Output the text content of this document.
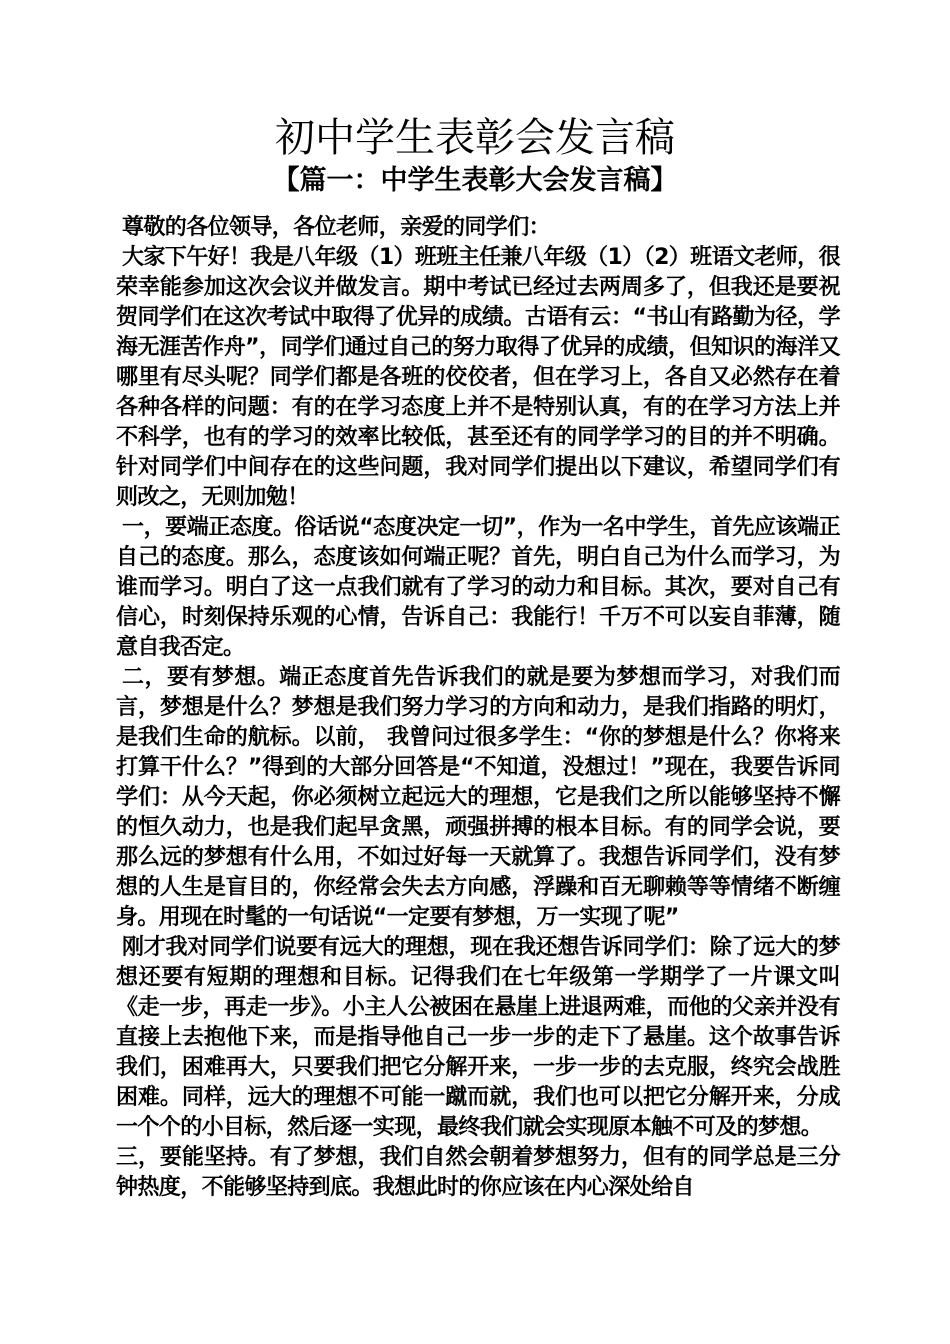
初中学生表彰会发言稿
【篇一：中学生表彰大会发言稿】

尊敬的各位领导，各位老师，亲爱的同学们：

大家下午好！我是八年级（1）班班主任兼八年级（1）（2）班语文老师，很荣幸能参加这次会议并做发言。期中考试已经过去两周多了，但我还是要祝贺同学们在这次考试中取得了优异的成绩。古语有云：“书山有路勤为径，学海无涯苦作舟”，同学们通过自己的努力取得了优异的成绩，但知识的海洋又哪里有尽头呢？同学们都是各班的佼佼者，但在学习上，各自又必然存在着各种各样的问题：有的在学习态度上并不是特别认真，有的在学习方法上并不科学，也有的学习的效率比较低，甚至还有的同学学习的目的并不明确。针对同学们中间存在的这些问题，我对同学们提出以下建议，希望同学们有则改之，无则加勉！

一，要端正态度。俗话说“态度决定一切”，作为一名中学生，首先应该端正自己的态度。那么，态度该如何端正呢？首先，明白自己为什么而学习，为谁而学习。明白了这一点我们就有了学习的动力和目标。其次，要对自己有信心，时刻保持乐观的心情，告诉自己：我能行！千万不可以妄自菲薄，随意自我否定。

二，要有梦想。端正态度首先告诉我们的就是要为梦想而学习，对我们而言，梦想是什么？梦想是我们努力学习的方向和动力，是我们指路的明灯，是我们生命的航标。以前， 我曾问过很多学生：“你的梦想是什么？你将来打算干什么？”得到的大部分回答是“不知道，没想过！”现在，我要告诉同学们：从今天起，你必须树立起远大的理想，它是我们之所以能够坚持不懈的恒久动力，也是我们起早贪黑，顽强拼搏的根本目标。有的同学会说，要那么远的梦想有什么用，不如过好每一天就算了。我想告诉同学们，没有梦想的人生是盲目的，你经常会失去方向感，浮躁和百无聊赖等等情绪不断缠身。用现在时髦的一句话说“一定要有梦想，万一实现了呢”

刚才我对同学们说要有远大的理想，现在我还想告诉同学们：除了远大的梦想还要有短期的理想和目标。记得我们在七年级第一学期学了一片课文叫《走一步，再走一步》。小主人公被困在悬崖上进退两难，而他的父亲并没有直接上去抱他下来，而是指导他自己一步一步的走下了悬崖。这个故事告诉我们，困难再大，只要我们把它分解开来，一步一步的去克服，终究会战胜困难。同样，远大的理想不可能一蹴而就，我们也可以把它分解开来，分成一个个的小目标，然后逐一实现，最终我们就会实现原本触不可及的梦想。

三，要能坚持。有了梦想，我们自然会朝着梦想努力，但有的同学总是三分钟热度，不能够坚持到底。我想此时的你应该在内心深处给自
